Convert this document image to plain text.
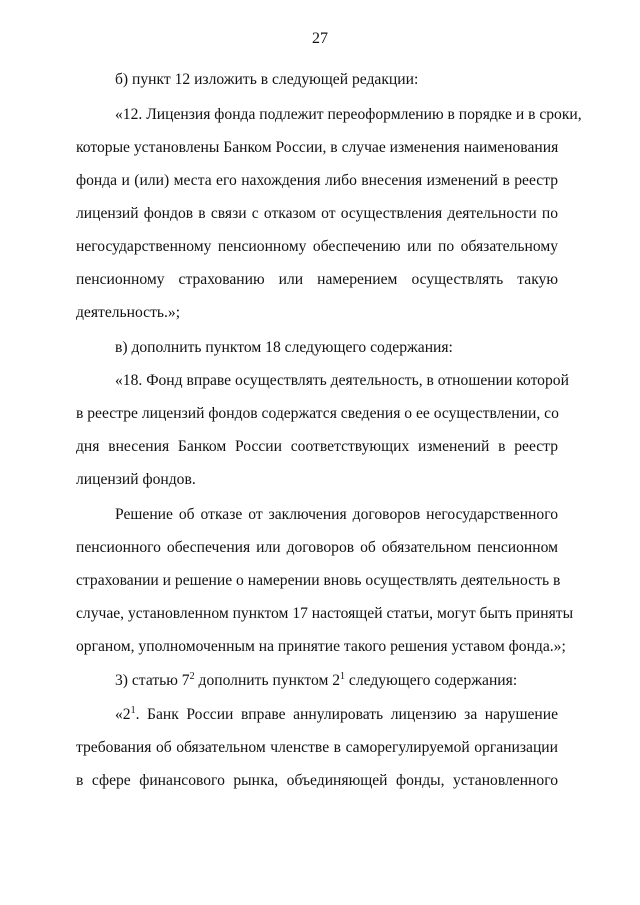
27
б) пункт 12 изложить в следующей редакции:
«12. Лицензия фонда подлежит переоформлению в порядке и в сроки,
которые установлены Банком России, в случае изменения наименования
фонда и (или) места его нахождения либо внесения изменений в реестр
лицензий фондов в связи с отказом от осуществления деятельности по
негосударственному пенсионному обеспечению или по обязательному
пенсионному страхованию или намерением осуществлять такую
деятельность.»;
в) дополнить пунктом 18 следующего содержания:
«18. Фонд вправе осуществлять деятельность, в отношении которой
в реестре лицензий фондов содержатся сведения о ее осуществлении, со
дня внесения Банком России соответствующих изменений в реестр
лицензий фондов.
Решение об отказе от заключения договоров негосударственного
пенсионного обеспечения или договоров об обязательном пенсионном
страховании и решение о намерении вновь осуществлять деятельность в
случае, установленном пунктом 17 настоящей статьи, могут быть приняты
органом, уполномоченным на принятие такого решения уставом фонда.»;
3) статью $7^2$ дополнить пунктом $2^1$ следующего содержания:
«$2^1$. Банк России вправе аннулировать лицензию за нарушение
требования об обязательном членстве в саморегулируемой организации
в сфере финансового рынка, объединяющей фонды, установленного
